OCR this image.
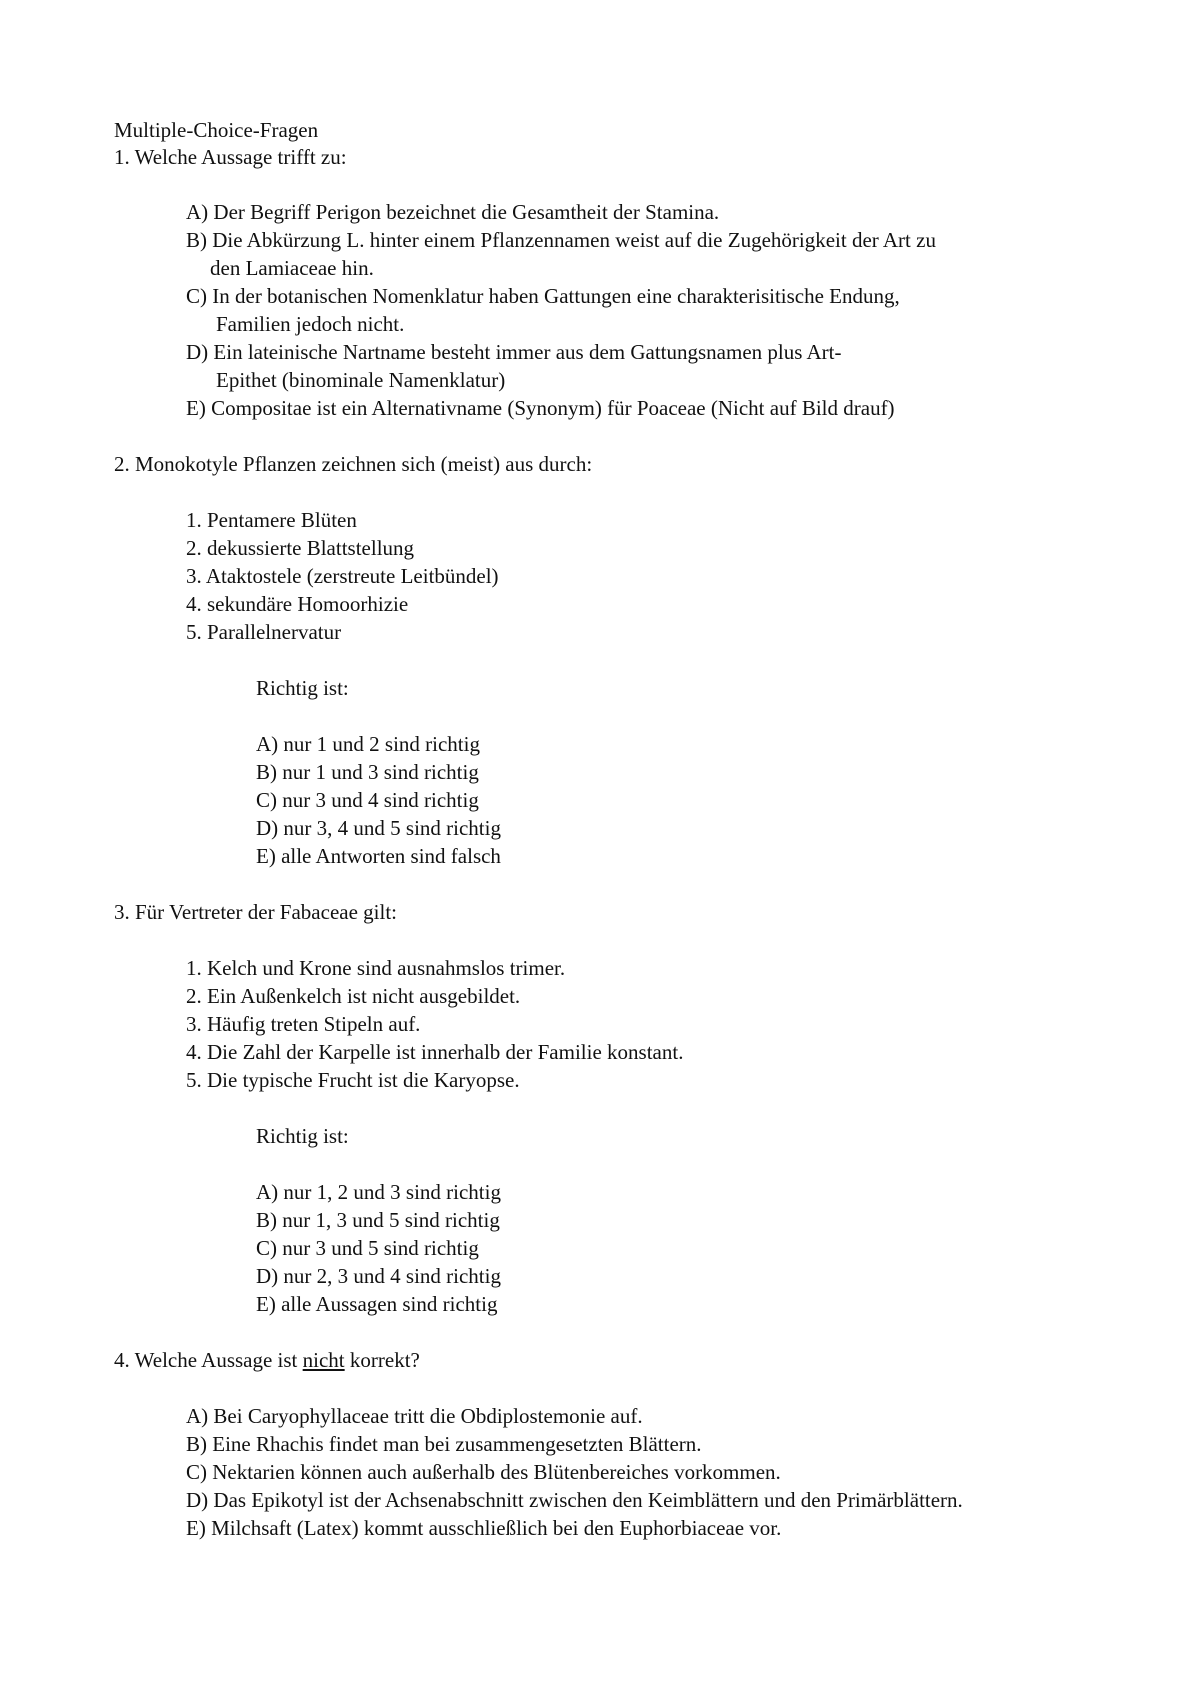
Multiple-Choice-Fragen
1. Welche Aussage trifft zu:
A) Der Begriff Perigon bezeichnet die Gesamtheit der Stamina.
B) Die Abkürzung L. hinter einem Pflanzennamen weist auf die Zugehörigkeit der Art zu
den Lamiaceae hin.
C) In der botanischen Nomenklatur haben Gattungen eine charakterisitische Endung,
Familien jedoch nicht.
D) Ein lateinische Nartname besteht immer aus dem Gattungsnamen plus Art-
Epithet (binominale Namenklatur)
E) Compositae ist ein Alternativname (Synonym) für Poaceae (Nicht auf Bild drauf)
2. Monokotyle Pflanzen zeichnen sich (meist) aus durch:
1. Pentamere Blüten
2. dekussierte Blattstellung
3. Ataktostele (zerstreute Leitbündel)
4. sekundäre Homoorhizie
5. Parallelnervatur
Richtig ist:
A) nur 1 und 2 sind richtig
B) nur 1 und 3 sind richtig
C) nur 3 und 4 sind richtig
D) nur 3, 4 und 5 sind richtig
E) alle Antworten sind falsch
3. Für Vertreter der Fabaceae gilt:
1. Kelch und Krone sind ausnahmslos trimer.
2. Ein Außenkelch ist nicht ausgebildet.
3. Häufig treten Stipeln auf.
4. Die Zahl der Karpelle ist innerhalb der Familie konstant.
5. Die typische Frucht ist die Karyopse.
Richtig ist:
A) nur 1, 2 und 3 sind richtig
B) nur 1, 3 und 5 sind richtig
C) nur 3 und 5 sind richtig
D) nur 2, 3 und 4 sind richtig
E) alle Aussagen sind richtig
4. Welche Aussage ist nicht korrekt?
A) Bei Caryophyllaceae tritt die Obdiplostemonie auf.
B) Eine Rhachis findet man bei zusammengesetzten Blättern.
C) Nektarien können auch außerhalb des Blütenbereiches vorkommen.
D) Das Epikotyl ist der Achsenabschnitt zwischen den Keimblättern und den Primärblättern.
E) Milchsaft (Latex) kommt ausschließlich bei den Euphorbiaceae vor.
